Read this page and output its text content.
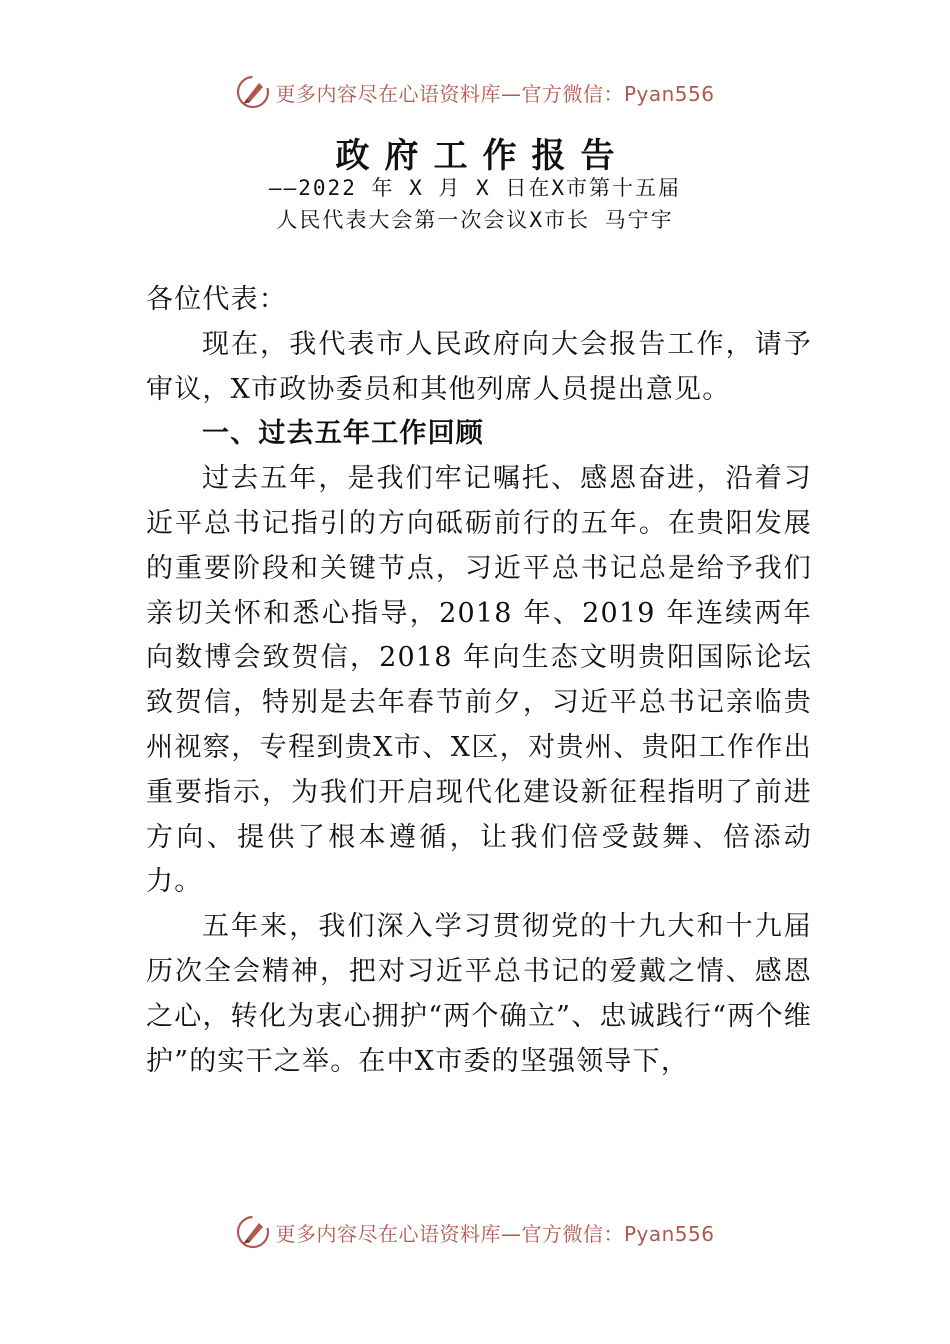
更多内容尽在心语资料库—官方微信：Pyan556
政府工作报告
——2022 年 X 月 X 日在X市第十五届
人民代表大会第一次会议X市长 马宁宇

各位代表：

现在，我代表市人民政府向大会报告工作，请予审议，X市政协委员和其他列席人员提出意见。

一、过去五年工作回顾

过去五年，是我们牢记嘱托、感恩奋进，沿着习近平总书记指引的方向砥砺前行的五年。在贵阳发展的重要阶段和关键节点，习近平总书记总是给予我们亲切关怀和悉心指导，2018 年、2019 年连续两年向数博会致贺信，2018 年向生态文明贵阳国际论坛致贺信，特别是去年春节前夕，习近平总书记亲临贵州视察，专程到贵X市、X区，对贵州、贵阳工作作出重要指示，为我们开启现代化建设新征程指明了前进方向、提供了根本遵循，让我们倍受鼓舞、倍添动力。

五年来，我们深入学习贯彻党的十九大和十九届历次全会精神，把对习近平总书记的爱戴之情、感恩之心，转化为衷心拥护“两个确立”、忠诚践行“两个维护”的实干之举。在中X市委的坚强领导下，

更多内容尽在心语资料库—官方微信：Pyan556
